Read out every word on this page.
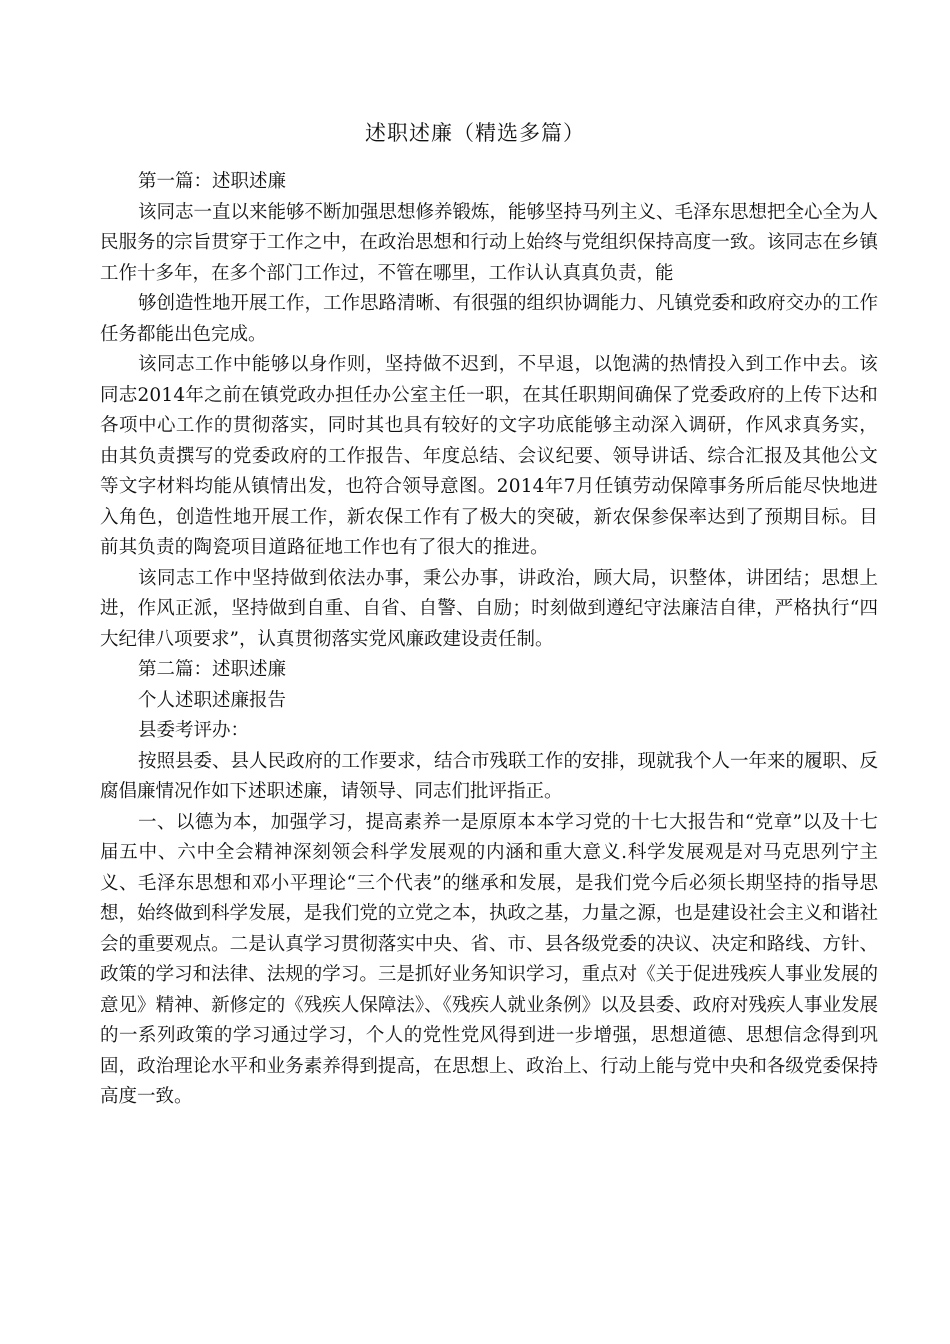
述职述廉（精选多篇）

第一篇：述职述廉

该同志一直以来能够不断加强思想修养锻炼，能够坚持马列主义、毛泽东思想把全心全为人民服务的宗旨贯穿于工作之中，在政治思想和行动上始终与党组织保持高度一致。该同志在乡镇工作十多年，在多个部门工作过，不管在哪里，工作认认真真负责，能

够创造性地开展工作，工作思路清晰、有很强的组织协调能力、凡镇党委和政府交办的工作任务都能出色完成。

该同志工作中能够以身作则，坚持做不迟到，不早退，以饱满的热情投入到工作中去。该同志2014年之前在镇党政办担任办公室主任一职，在其任职期间确保了党委政府的上传下达和各项中心工作的贯彻落实，同时其也具有较好的文字功底能够主动深入调研，作风求真务实，由其负责撰写的党委政府的工作报告、年度总结、会议纪要、领导讲话、综合汇报及其他公文等文字材料均能从镇情出发，也符合领导意图。2014年7月任镇劳动保障事务所后能尽快地进入角色，创造性地开展工作，新农保工作有了极大的突破，新农保参保率达到了预期目标。目前其负责的陶瓷项目道路征地工作也有了很大的推进。

该同志工作中坚持做到依法办事，秉公办事，讲政治，顾大局，识整体，讲团结；思想上进，作风正派，坚持做到自重、自省、自警、自励；时刻做到遵纪守法廉洁自律，严格执行“四大纪律八项要求”，认真贯彻落实党风廉政建设责任制。

第二篇：述职述廉

个人述职述廉报告

县委考评办：

按照县委、县人民政府的工作要求，结合市残联工作的安排，现就我个人一年来的履职、反腐倡廉情况作如下述职述廉，请领导、同志们批评指正。

一、以德为本，加强学习，提高素养一是原原本本学习党的十七大报告和“党章”以及十七届五中、六中全会精神深刻领会科学发展观的内涵和重大意义.科学发展观是对马克思列宁主义、毛泽东思想和邓小平理论“三个代表”的继承和发展，是我们党今后必须长期坚持的指导思想，始终做到科学发展，是我们党的立党之本，执政之基，力量之源，也是建设社会主义和谐社会的重要观点。二是认真学习贯彻落实中央、省、市、县各级党委的决议、决定和路线、方针、政策的学习和法律、法规的学习。三是抓好业务知识学习，重点对《关于促进残疾人事业发展的意见》精神、新修定的《残疾人保障法》、《残疾人就业条例》以及县委、政府对残疾人事业发展的一系列政策的学习通过学习，个人的党性党风得到进一步增强，思想道德、思想信念得到巩固，政治理论水平和业务素养得到提高，在思想上、政治上、行动上能与党中央和各级党委保持高度一致。
